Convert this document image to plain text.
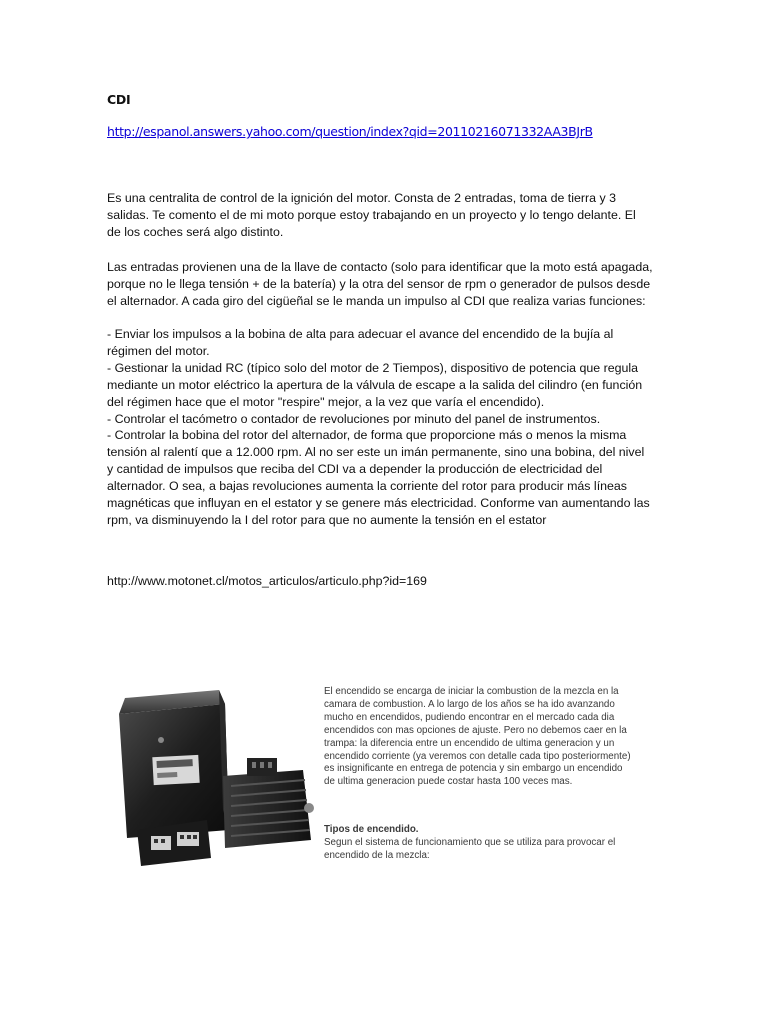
CDI
http://espanol.answers.yahoo.com/question/index?qid=20110216071332AA3BJrB
Es una centralita de control de la ignición del motor. Consta de 2 entradas, toma de tierra y 3
salidas. Te comento el de mi moto porque estoy trabajando en un proyecto y lo tengo delante. El
de los coches será algo distinto.
Las entradas provienen una de la llave de contacto (solo para identificar que la moto está apagada,
porque no le llega tensión + de la batería) y la otra del sensor de rpm o generador de pulsos desde
el alternador. A cada giro del cigüeñal se le manda un impulso al CDI que realiza varias funciones:
- Enviar los impulsos a la bobina de alta para adecuar el avance del encendido de la bujía al
régimen del motor.
- Gestionar la unidad RC (típico solo del motor de 2 Tiempos), dispositivo de potencia que regula
mediante un motor eléctrico la apertura de la válvula de escape a la salida del cilindro (en función
del régimen hace que el motor "respire" mejor, a la vez que varía el encendido).
- Controlar el tacómetro o contador de revoluciones por minuto del panel de instrumentos.
- Controlar la bobina del rotor del alternador, de forma que proporcione más o menos la misma
tensión al ralentí que a 12.000 rpm. Al no ser este un imán permanente, sino una bobina, del nivel
y cantidad de impulsos que reciba del CDI va a depender la producción de electricidad del
alternador. O sea, a bajas revoluciones aumenta la corriente del rotor para producir más líneas
magnéticas que influyan en el estator y se genere más electricidad. Conforme van aumentando las
rpm, va disminuyendo la I del rotor para que no aumente la tensión en el estator
http://www.motonet.cl/motos_articulos/articulo.php?id=169
El encendido se encarga de iniciar la combustion de la mezcla en la
camara de combustion. A lo largo de los años se ha ido avanzando
mucho en encendidos, pudiendo encontrar en el mercado cada dia
encendidos con mas opciones de ajuste. Pero no debemos caer en la
trampa: la diferencia entre un encendido de ultima generacion y un
encendido corriente (ya veremos con detalle cada tipo posteriormente)
es insignificante en entrega de potencia y sin embargo un encendido
de ultima generacion puede costar hasta 100 veces mas.
Tipos de encendido.
Segun el sistema de funcionamiento que se utiliza para provocar el
encendido de la mezcla:
